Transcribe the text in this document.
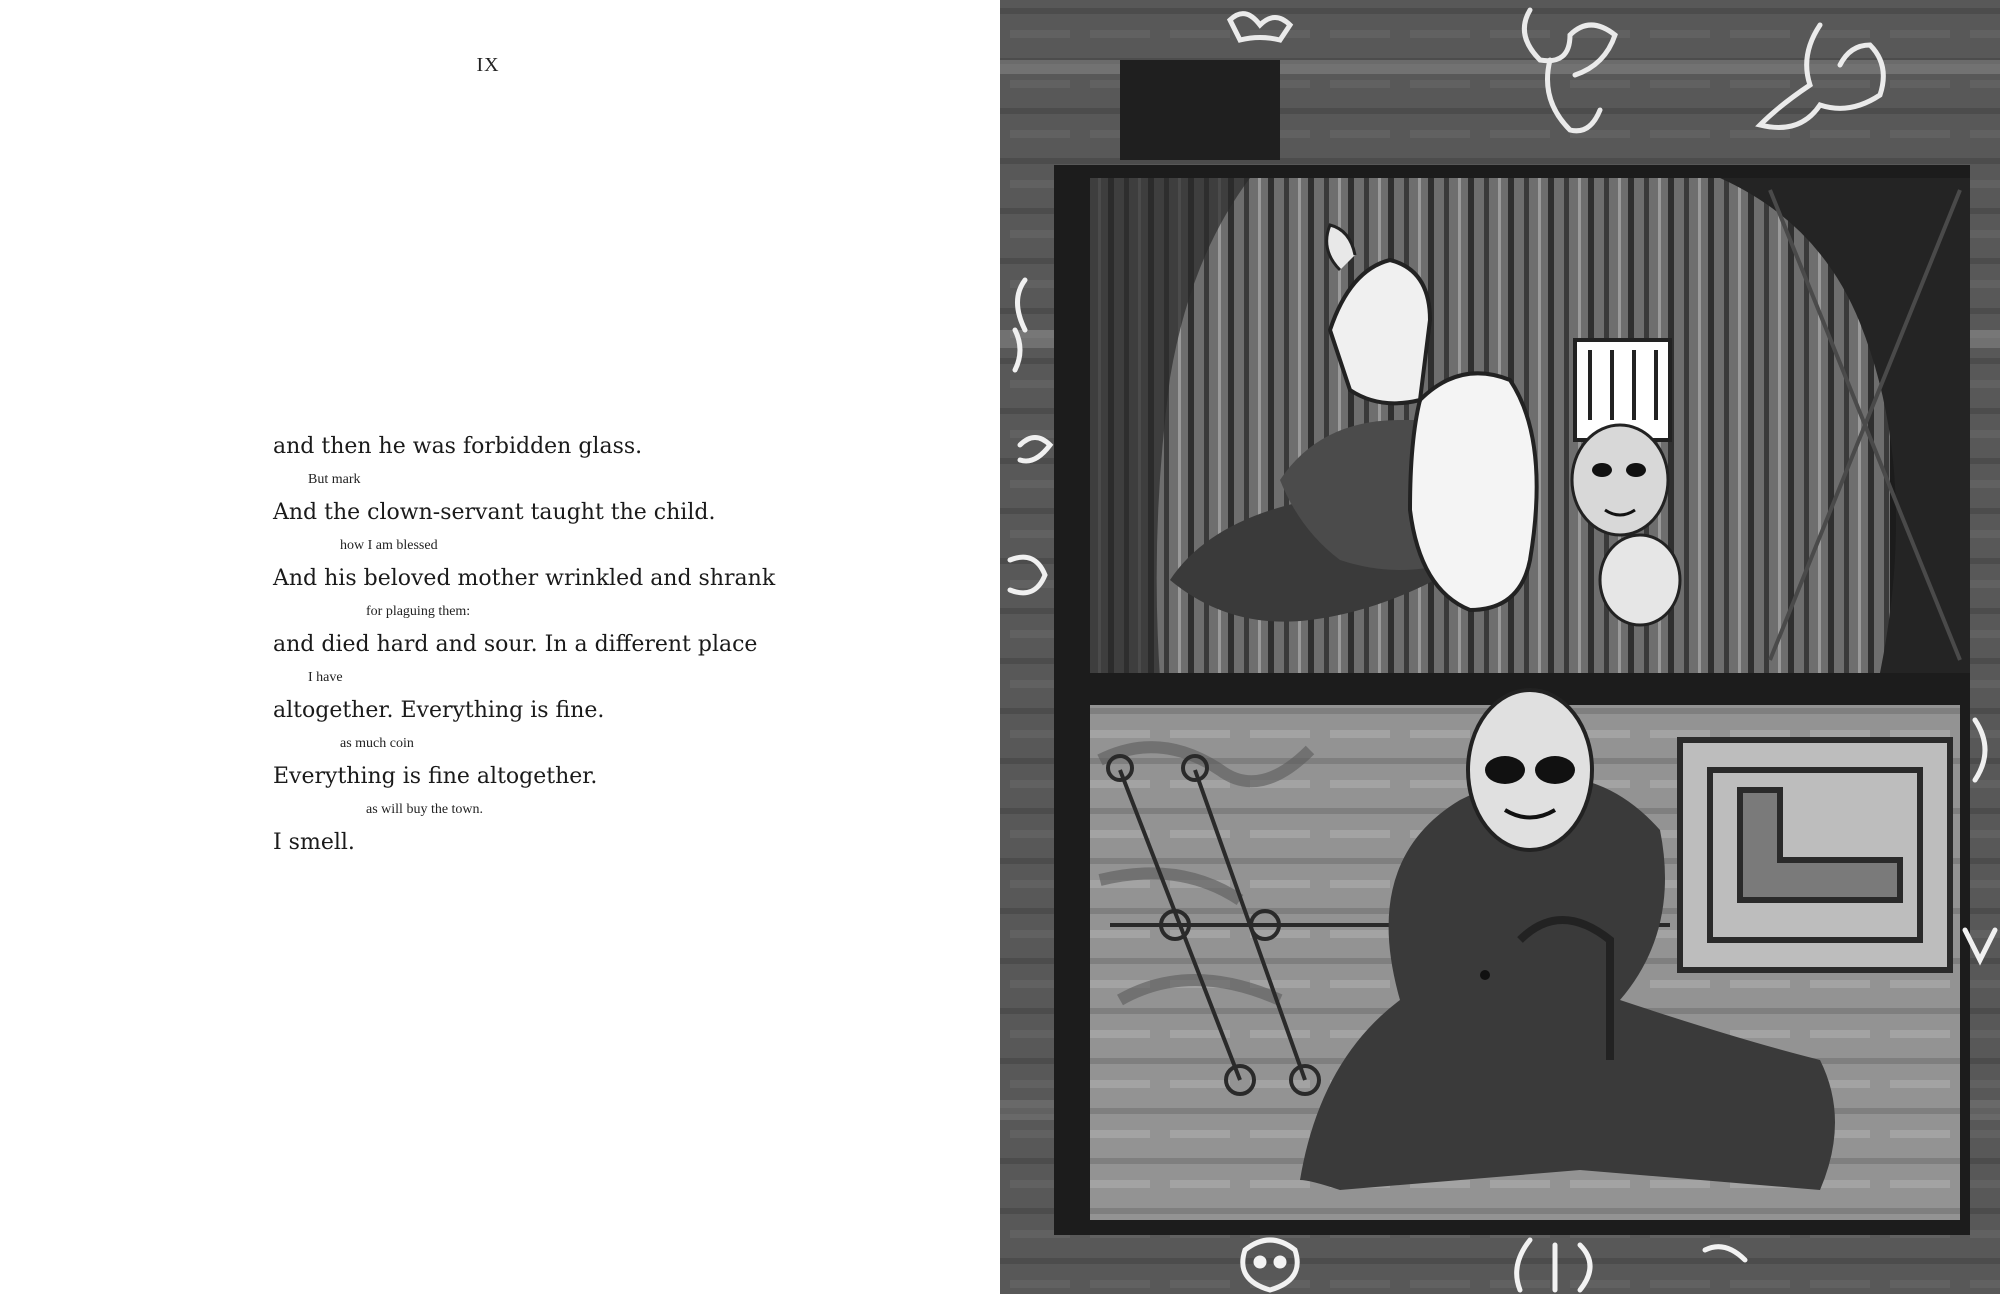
IX
and then he was forbidden glass.
But mark
And the clown-servant taught the child.
how I am blessed
And his beloved mother wrinkled and shrank
for plaguing them:
and died hard and sour. In a different place
I have
altogether. Everything is fine.
as much coin
Everything is fine altogether.
as will buy the town.
I smell.
